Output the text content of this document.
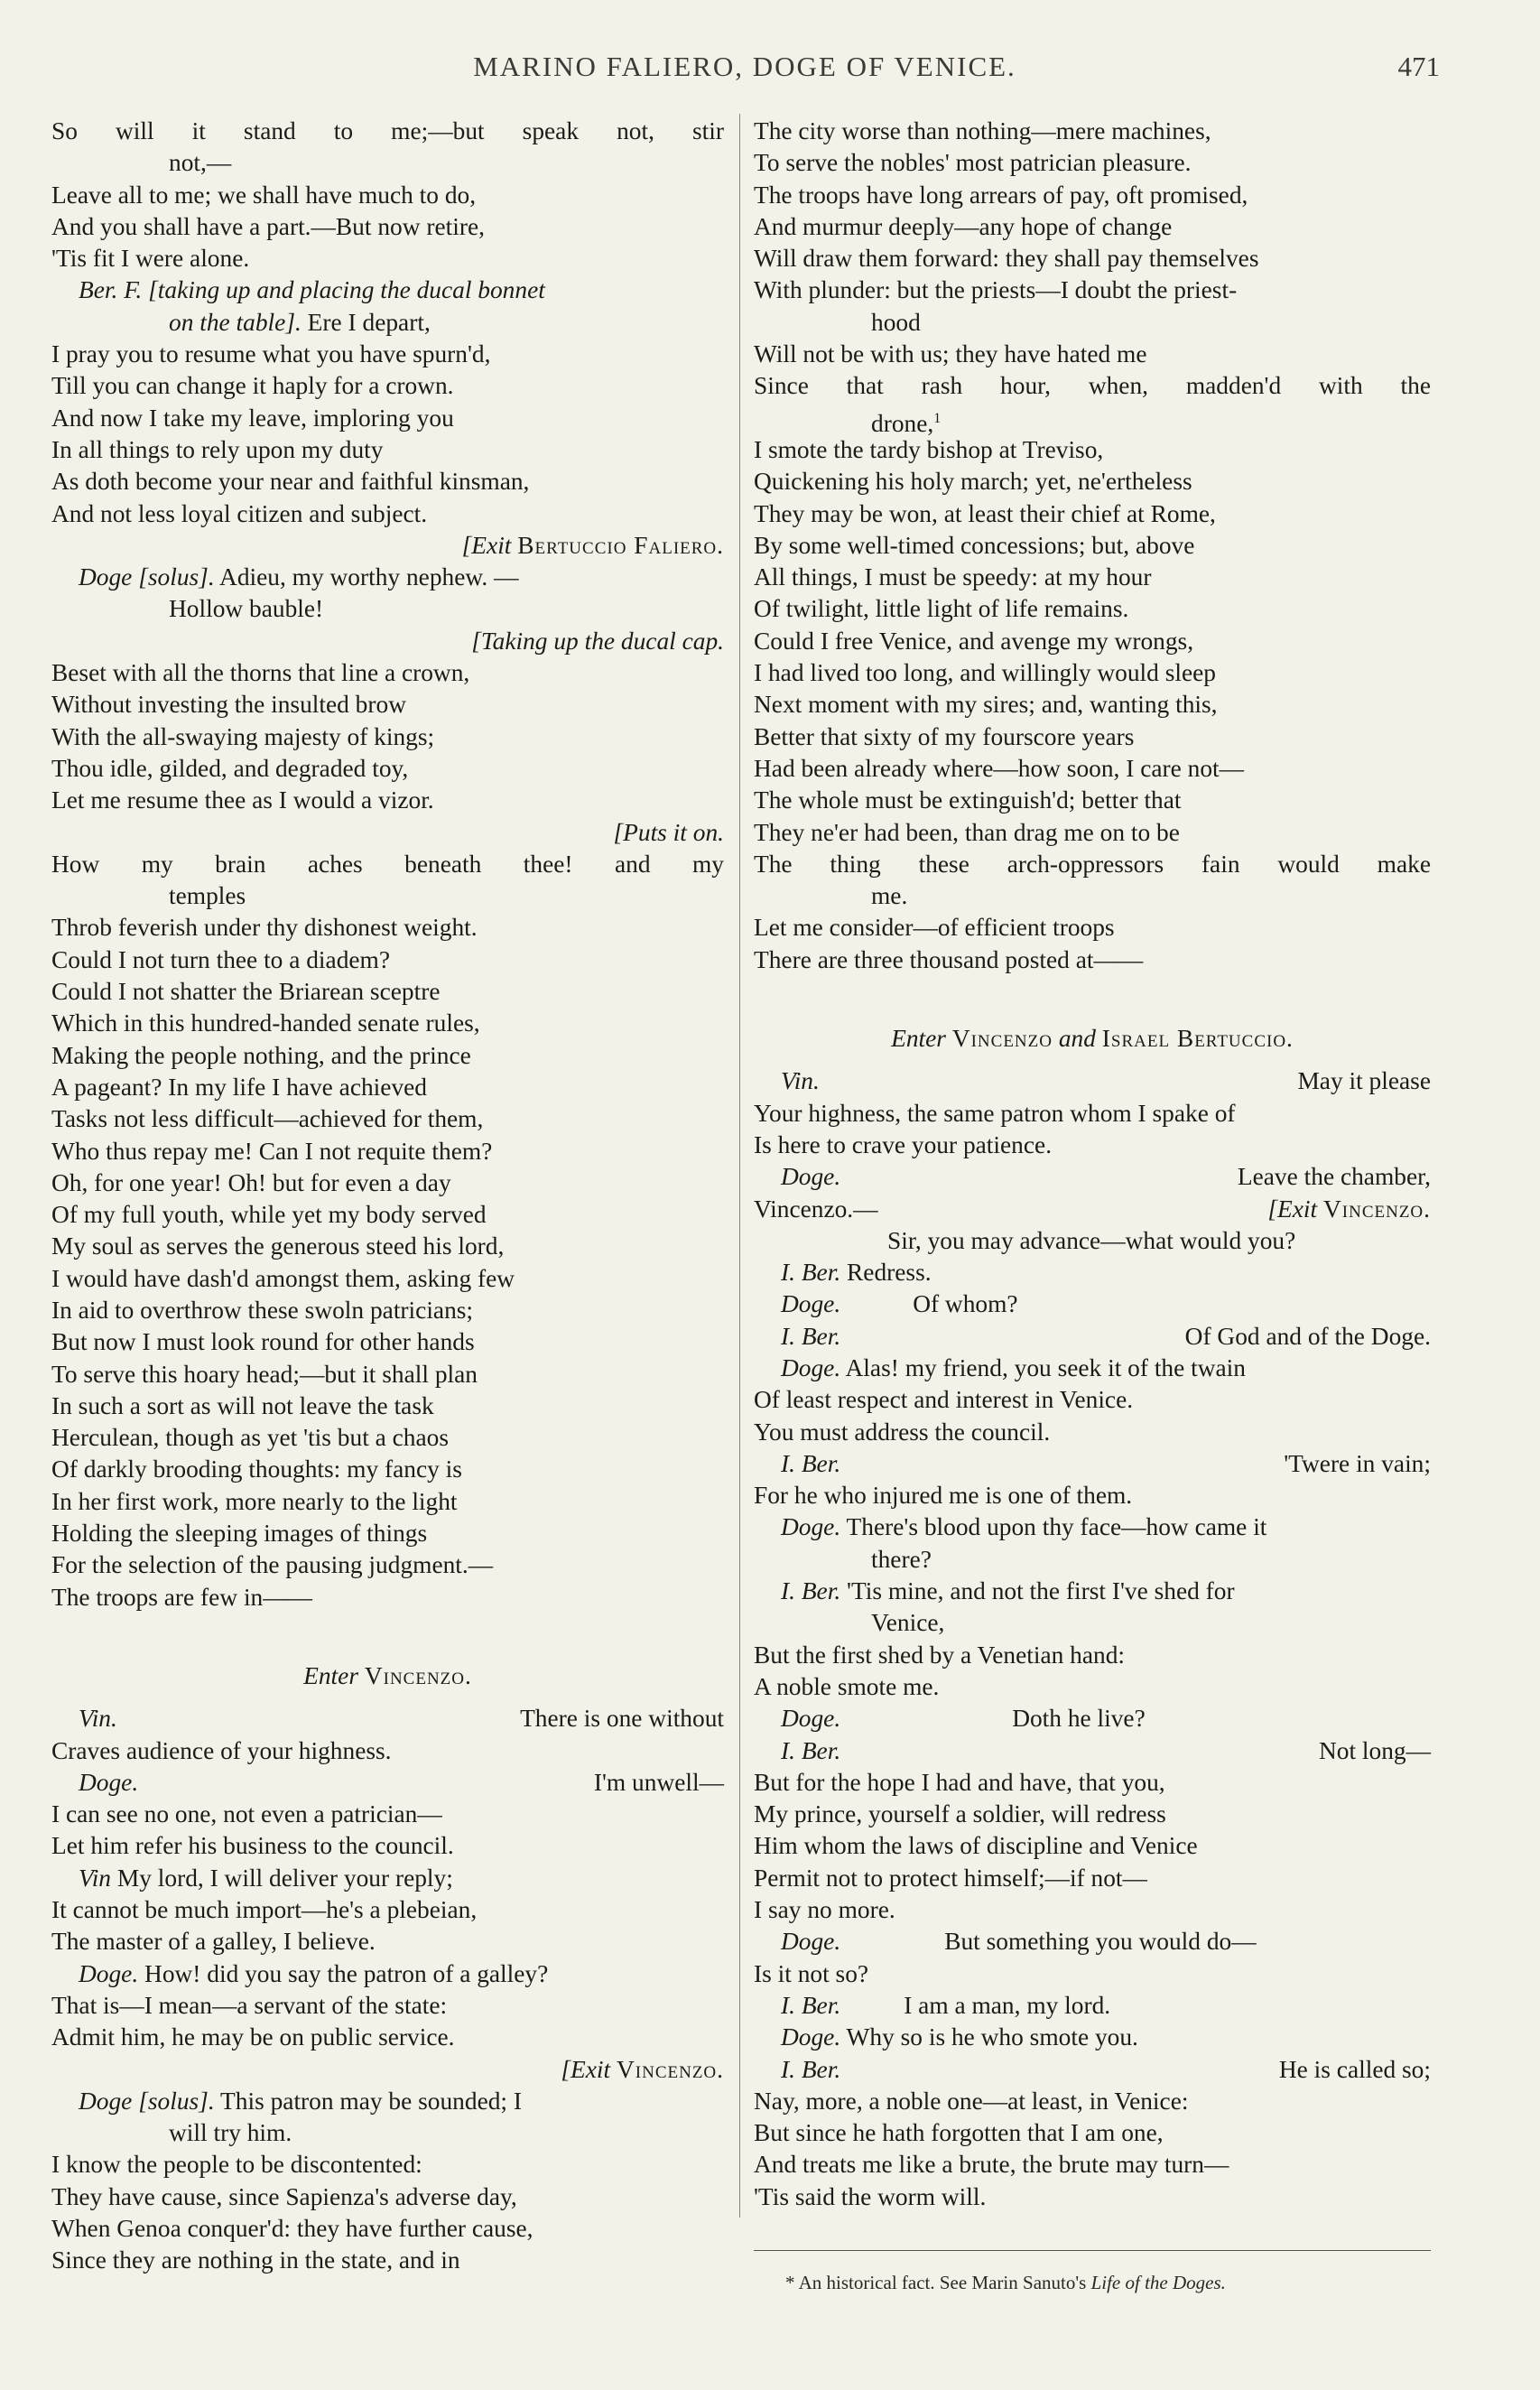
MARINO FALIERO, DOGE OF VENICE.	471
So will it stand to me;—but speak not, stir
not,—
Leave all to me; we shall have much to do,
And you shall have a part.—But now retire,
'Tis fit I were alone.
Ber. F. [taking up and placing the ducal bonnet
on the table]. Ere I depart,
I pray you to resume what you have spurn'd,
Till you can change it haply for a crown.
And now I take my leave, imploring you
In all things to rely upon my duty
As doth become your near and faithful kinsman,
And not less loyal citizen and subject.
[Exit Bertuccio Faliero.
Doge [solus]. Adieu, my worthy nephew. —
Hollow bauble!
[Taking up the ducal cap.
Beset with all the thorns that line a crown,
Without investing the insulted brow
With the all-swaying majesty of kings;
Thou idle, gilded, and degraded toy,
Let me resume thee as I would a vizor.
[Puts it on.
How my brain aches beneath thee! and my
temples
Throb feverish under thy dishonest weight.
Could I not turn thee to a diadem?
Could I not shatter the Briarean sceptre
Which in this hundred-handed senate rules,
Making the people nothing, and the prince
A pageant? In my life I have achieved
Tasks not less difficult—achieved for them,
Who thus repay me! Can I not requite them?
Oh, for one year! Oh! but for even a day
Of my full youth, while yet my body served
My soul as serves the generous steed his lord,
I would have dash'd amongst them, asking few
In aid to overthrow these swoln patricians;
But now I must look round for other hands
To serve this hoary head;—but it shall plan
In such a sort as will not leave the task
Herculean, though as yet 'tis but a chaos
Of darkly brooding thoughts: my fancy is
In her first work, more nearly to the light
Holding the sleeping images of things
For the selection of the pausing judgment.—
The troops are few in——
Enter Vincenzo.
Vin.	There is one without
Craves audience of your highness.
Doge.	I'm unwell—
I can see no one, not even a patrician—
Let him refer his business to the council.
Vin My lord, I will deliver your reply;
It cannot be much import—he's a plebeian,
The master of a galley, I believe.
Doge. How! did you say the patron of a galley?
That is—I mean—a servant of the state:
Admit him, he may be on public service.
[Exit Vincenzo.
Doge [solus]. This patron may be sounded; I
will try him.
I know the people to be discontented:
They have cause, since Sapienza's adverse day,
When Genoa conquer'd: they have further cause,
Since they are nothing in the state, and in
The city worse than nothing—mere machines,
To serve the nobles' most patrician pleasure.
The troops have long arrears of pay, oft promised,
And murmur deeply—any hope of change
Will draw them forward: they shall pay themselves
With plunder: but the priests—I doubt the priest-
hood
Will not be with us; they have hated me
Since that rash hour, when, madden'd with the
drone,$^1$
I smote the tardy bishop at Treviso,
Quickening his holy march; yet, ne'ertheless
They may be won, at least their chief at Rome,
By some well-timed concessions; but, above
All things, I must be speedy: at my hour
Of twilight, little light of life remains.
Could I free Venice, and avenge my wrongs,
I had lived too long, and willingly would sleep
Next moment with my sires; and, wanting this,
Better that sixty of my fourscore years
Had been already where—how soon, I care not—
The whole must be extinguish'd; better that
They ne'er had been, than drag me on to be
The thing these arch-oppressors fain would make
me.
Let me consider—of efficient troops
There are three thousand posted at——
Enter Vincenzo and Israel Bertuccio.
Vin.	May it please
Your highness, the same patron whom I spake of
Is here to crave your patience.
Doge.	Leave the chamber,
Vincenzo.—	[Exit Vincenzo.
Sir, you may advance—what would you?
I. Ber. Redress.
Doge.	Of whom?
I. Ber.	Of God and of the Doge.
Doge. Alas! my friend, you seek it of the twain
Of least respect and interest in Venice.
You must address the council.
I. Ber.	'Twere in vain;
For he who injured me is one of them.
Doge. There's blood upon thy face—how came it
there?
I. Ber. 'Tis mine, and not the first I've shed for
Venice,
But the first shed by a Venetian hand:
A noble smote me.
Doge.	Doth he live?
I. Ber.	Not long—
But for the hope I had and have, that you,
My prince, yourself a soldier, will redress
Him whom the laws of discipline and Venice
Permit not to protect himself;—if not—
I say no more.
Doge.	But something you would do—
Is it not so?
I. Ber.	I am a man, my lord.
Doge. Why so is he who smote you.
I. Ber.	He is called so;
Nay, more, a noble one—at least, in Venice:
But since he hath forgotten that I am one,
And treats me like a brute, the brute may turn—
'Tis said the worm will.
* An historical fact. See Marin Sanuto's Life of the Doges.
